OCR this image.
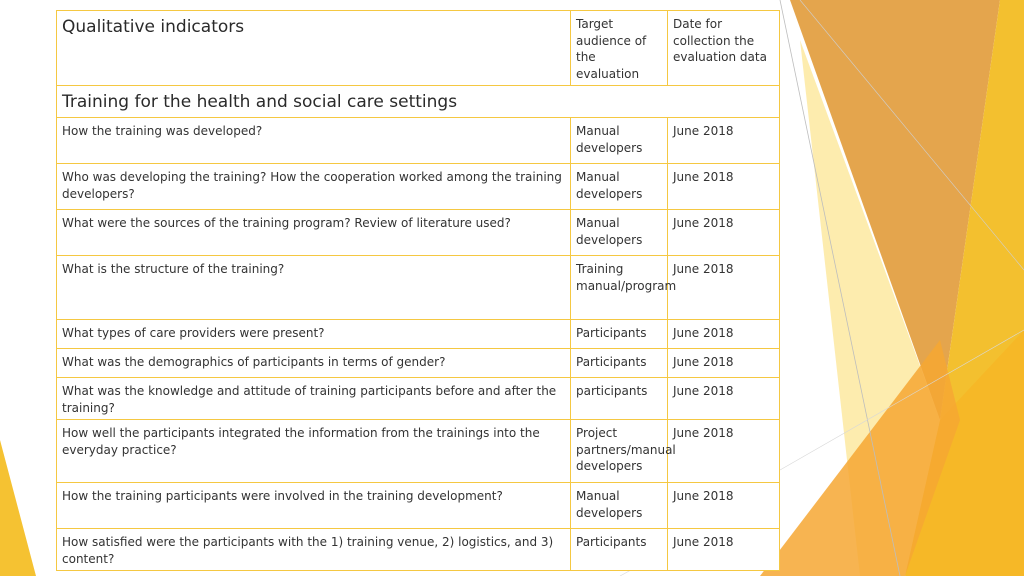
Qualitative indicators	Target audience of the evaluation	Date for collection the evaluation data
Training for the health and social care settings		
How the training was developed?	Manual developers	June 2018
Who was developing the training? How the cooperation worked among the training developers?	Manual developers	June 2018
What were the sources of the training program? Review of literature used?	Manual developers	June 2018
What is the structure of the training?	Training manual/program	June 2018
What types of care providers were present?	Participants	June 2018
What was the demographics of participants in terms of gender?	Participants	June 2018
What was the knowledge and attitude of training participants before and after the training?	participants	June 2018
How well the participants integrated the information from the trainings into the everyday practice?	Project partners/manual developers	June 2018
How the training participants were involved in the training development?	Manual developers	June 2018
How satisfied were the participants with the 1) training venue, 2) logistics, and 3) content?	Participants	June 2018
